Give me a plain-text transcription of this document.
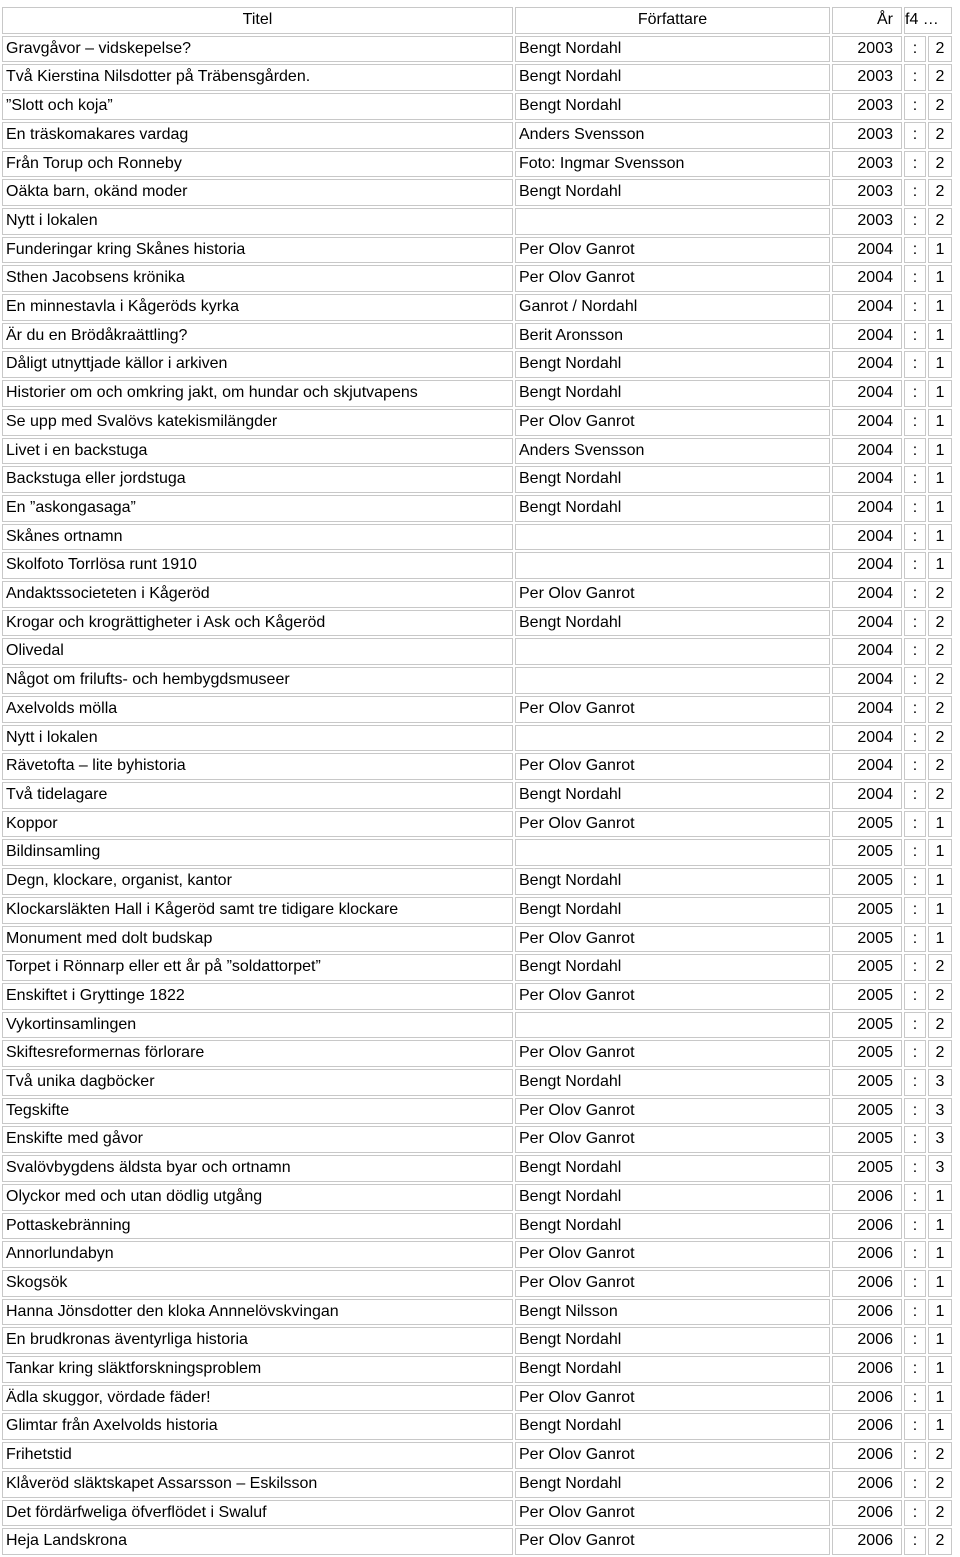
Titel	Författare	År	f4 …	
Gravgåvor – vidskepelse?	Bengt Nordahl	2003	:	2
Två Kierstina Nilsdotter på Träbensgården.	Bengt Nordahl	2003	:	2
”Slott och koja”	Bengt Nordahl	2003	:	2
En träskomakares vardag	Anders Svensson	2003	:	2
Från Torup och Ronneby	Foto: Ingmar Svensson	2003	:	2
Oäkta barn, okänd moder	Bengt Nordahl	2003	:	2
Nytt i lokalen		2003	:	2
Funderingar kring Skånes historia	Per Olov Ganrot	2004	:	1
Sthen Jacobsens krönika	Per Olov Ganrot	2004	:	1
En minnestavla i Kågeröds kyrka	Ganrot / Nordahl	2004	:	1
Är du en Brödåkraättling?	Berit Aronsson	2004	:	1
Dåligt utnyttjade källor i arkiven	Bengt Nordahl	2004	:	1
Historier om och omkring jakt, om hundar och skjutvapens	Bengt Nordahl	2004	:	1
Se upp med Svalövs katekismilängder	Per Olov Ganrot	2004	:	1
Livet i en backstuga	Anders Svensson	2004	:	1
Backstuga eller jordstuga	Bengt Nordahl	2004	:	1
En ”askongasaga”	Bengt Nordahl	2004	:	1
Skånes ortnamn		2004	:	1
Skolfoto Torrlösa runt 1910		2004	:	1
Andaktssocieteten i Kågeröd	Per Olov Ganrot	2004	:	2
Krogar och krogrättigheter i Ask och Kågeröd	Bengt Nordahl	2004	:	2
Olivedal		2004	:	2
Något om frilufts- och hembygdsmuseer		2004	:	2
Axelvolds mölla	Per Olov Ganrot	2004	:	2
Nytt i lokalen		2004	:	2
Rävetofta – lite byhistoria	Per Olov Ganrot	2004	:	2
Två tidelagare	Bengt Nordahl	2004	:	2
Koppor	Per Olov Ganrot	2005	:	1
Bildinsamling		2005	:	1
Degn, klockare, organist, kantor	Bengt Nordahl	2005	:	1
Klockarsläkten Hall i Kågeröd samt tre tidigare klockare	Bengt Nordahl	2005	:	1
Monument med dolt budskap	Per Olov Ganrot	2005	:	1
Torpet i Rönnarp eller ett år på ”soldattorpet”	Bengt Nordahl	2005	:	2
Enskiftet i Gryttinge 1822	Per Olov Ganrot	2005	:	2
Vykortinsamlingen		2005	:	2
Skiftesreformernas förlorare	Per Olov Ganrot	2005	:	2
Två unika dagböcker	Bengt Nordahl	2005	:	3
Tegskifte	Per Olov Ganrot	2005	:	3
Enskifte med gåvor	Per Olov Ganrot	2005	:	3
Svalövbygdens äldsta byar och ortnamn	Bengt Nordahl	2005	:	3
Olyckor med och utan dödlig utgång	Bengt Nordahl	2006	:	1
Pottaskebränning	Bengt Nordahl	2006	:	1
Annorlundabyn	Per Olov Ganrot	2006	:	1
Skogsök	Per Olov Ganrot	2006	:	1
Hanna Jönsdotter den kloka Annnelövskvingan	Bengt Nilsson	2006	:	1
En brudkronas äventyrliga historia	Bengt Nordahl	2006	:	1
Tankar kring släktforskningsproblem	Bengt Nordahl	2006	:	1
Ädla skuggor, vördade fäder!	Per Olov Ganrot	2006	:	1
Glimtar från Axelvolds historia	Bengt Nordahl	2006	:	1
Frihetstid	Per Olov Ganrot	2006	:	2
Klåveröd släktskapet Assarsson – Eskilsson	Bengt Nordahl	2006	:	2
Det fördärfweliga öfverflödet i Swaluf	Per Olov Ganrot	2006	:	2
Heja Landskrona	Per Olov Ganrot	2006	:	2
